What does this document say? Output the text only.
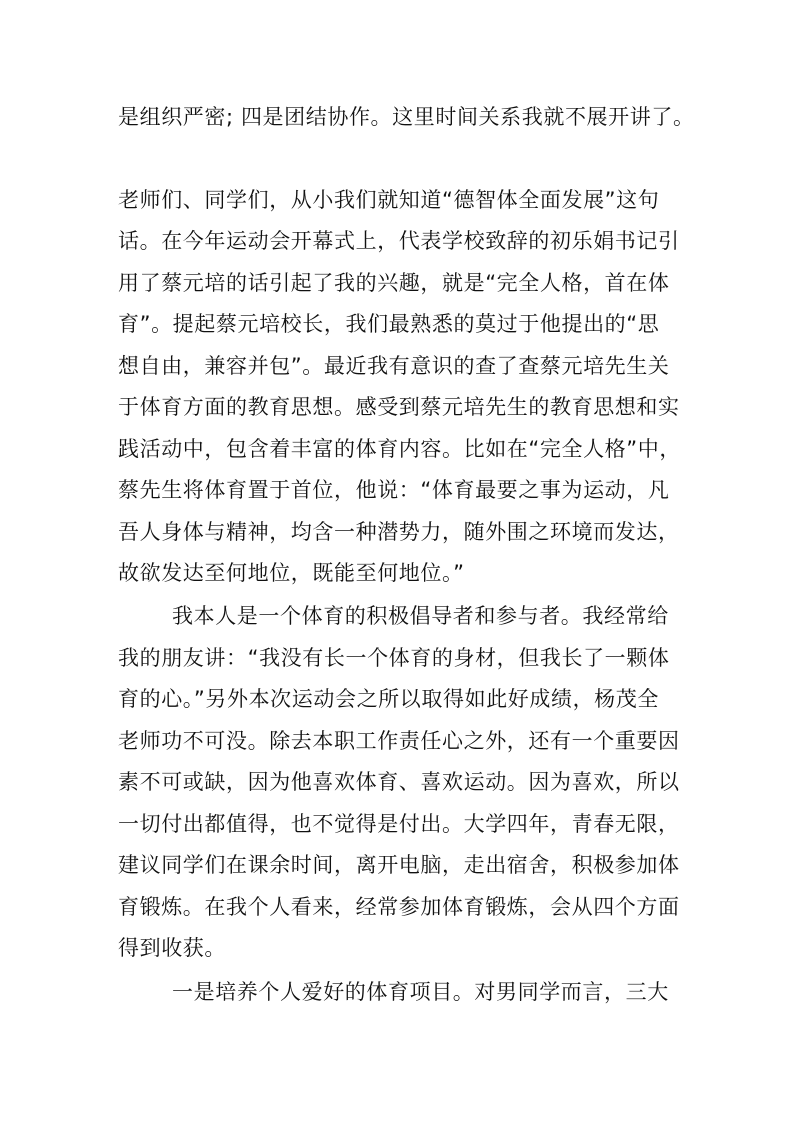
是组织严密; 四是团结协作。这里时间关系我就不展开讲了。
老师们、同学们，从小我们就知道“德智体全面发展”这句
话。在今年运动会开幕式上，代表学校致辞的初乐娟书记引
用了蔡元培的话引起了我的兴趣，就是“完全人格，首在体
育”。提起蔡元培校长，我们最熟悉的莫过于他提出的“思
想自由，兼容并包”。最近我有意识的查了查蔡元培先生关
于体育方面的教育思想。感受到蔡元培先生的教育思想和实
践活动中，包含着丰富的体育内容。比如在“完全人格”中，
蔡先生将体育置于首位，他说：“体育最要之事为运动，凡
吾人身体与精神，均含一种潜势力，随外围之环境而发达，
故欲发达至何地位，既能至何地位。”
我本人是一个体育的积极倡导者和参与者。我经常给
我的朋友讲：“我没有长一个体育的身材，但我长了一颗体
育的心。”另外本次运动会之所以取得如此好成绩，杨茂全
老师功不可没。除去本职工作责任心之外，还有一个重要因
素不可或缺，因为他喜欢体育、喜欢运动。因为喜欢，所以
一切付出都值得，也不觉得是付出。大学四年，青春无限，
建议同学们在课余时间，离开电脑，走出宿舍，积极参加体
育锻炼。在我个人看来，经常参加体育锻炼，会从四个方面
得到收获。
一是培养个人爱好的体育项目。对男同学而言，三大
